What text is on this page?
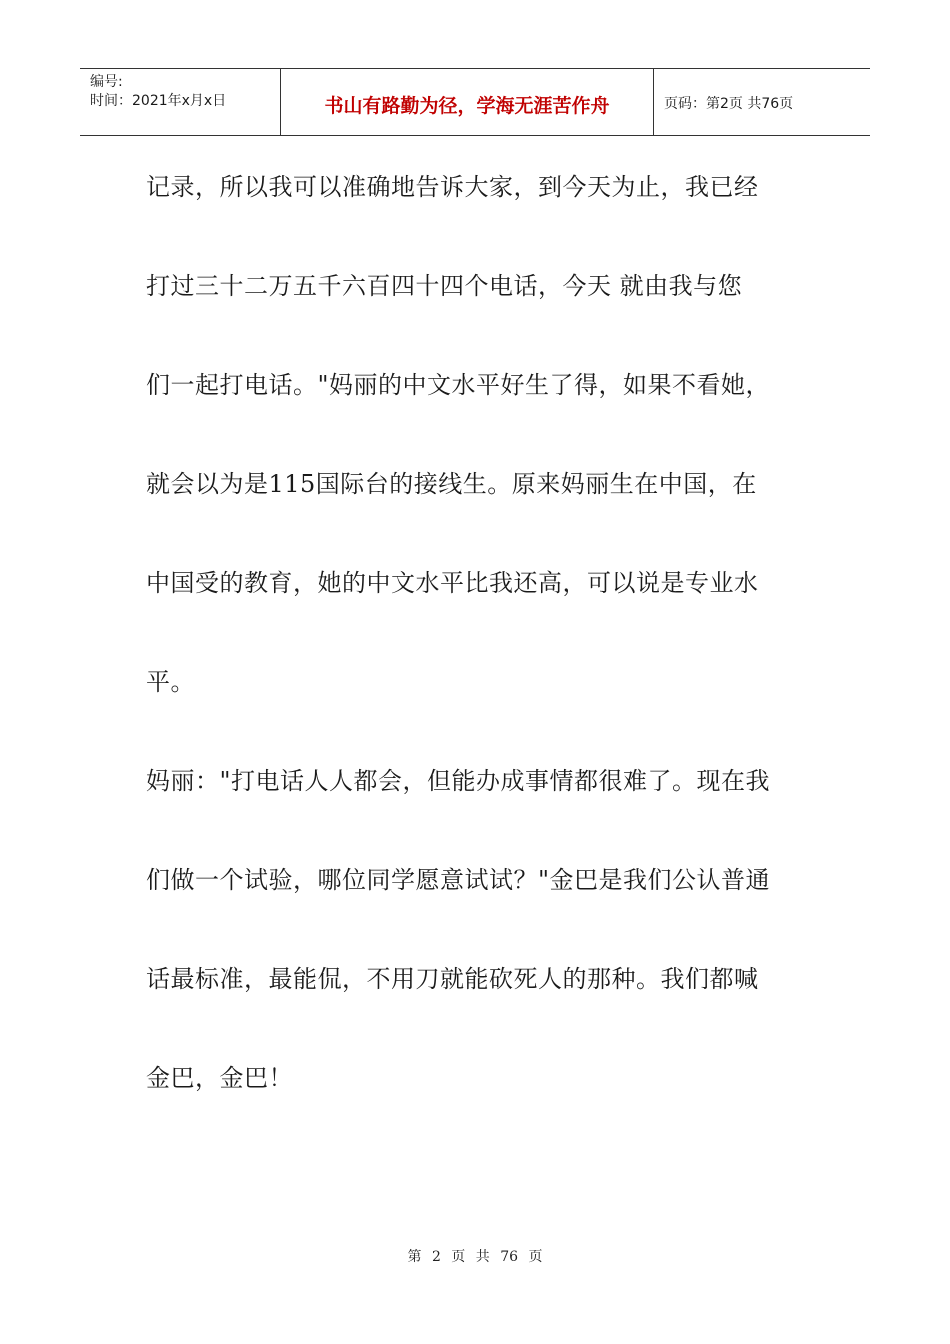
编号:
时间：2021年x月x日	书山有路勤为径，学海无涯苦作舟	页码：第2页 共76页
记录，所以我可以准确地告诉大家，到今天为止，我已经
打过三十二万五千六百四十四个电话，今天 就由我与您
们一起打电话。"妈丽的中文水平好生了得，如果不看她，
就会以为是115国际台的接线生。原来妈丽生在中国，在
中国受的教育，她的中文水平比我还高，可以说是专业水
平。
妈丽："打电话人人都会，但能办成事情都很难了。现在我
们做一个试验，哪位同学愿意试试？"金巴是我们公认普通
话最标准，最能侃，不用刀就能砍死人的那种。我们都喊
金巴，金巴！
第 2 页 共 76 页
